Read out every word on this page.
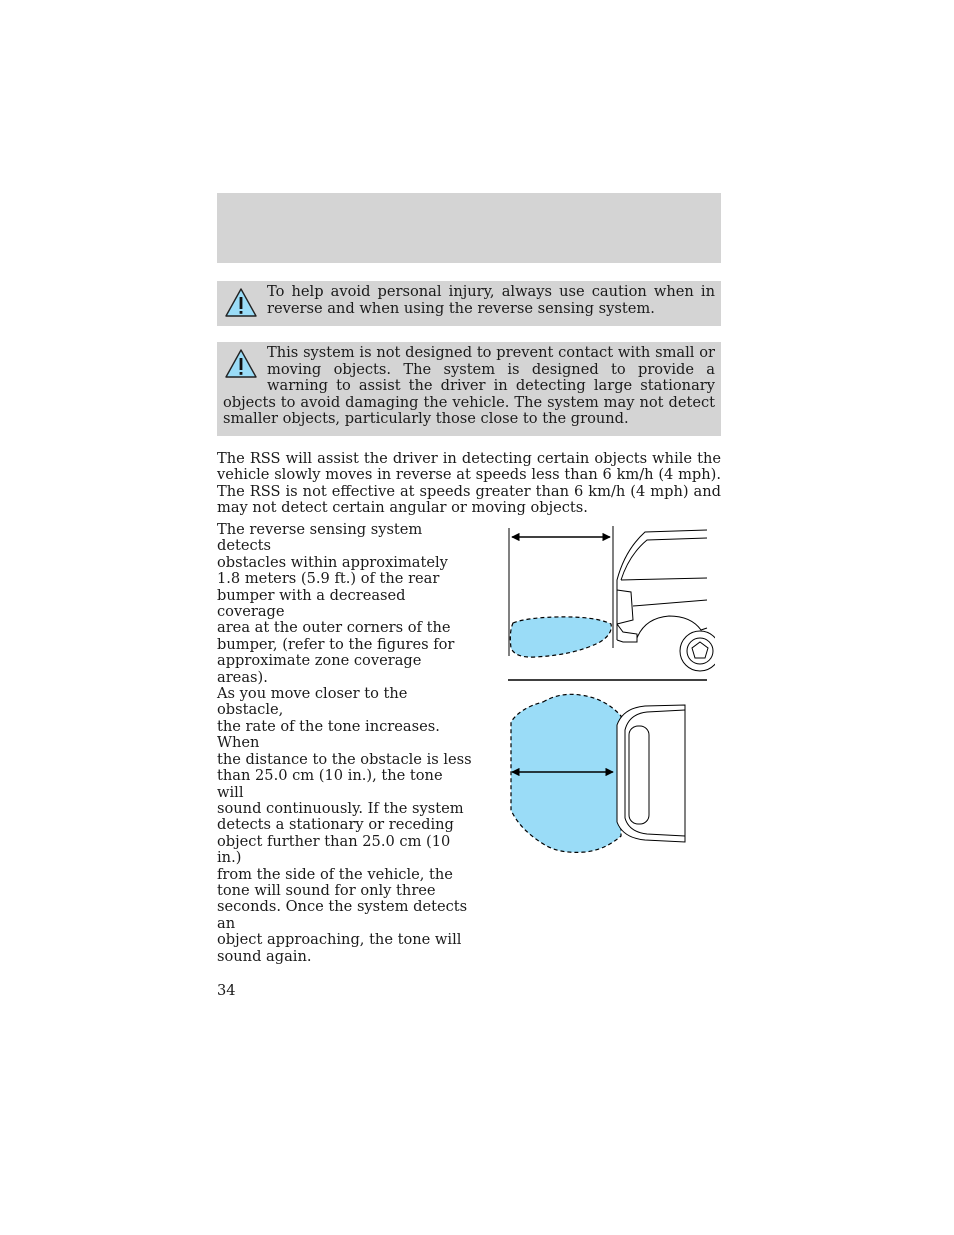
To help avoid personal injury, always use caution when in reverse and when using the reverse sensing system.

This system is not designed to prevent contact with small or moving objects. The system is designed to provide a warning to assist the driver in detecting large stationary objects to avoid damaging the vehicle. The system may not detect smaller objects, particularly those close to the ground.

The RSS will assist the driver in detecting certain objects while the vehicle slowly moves in reverse at speeds less than 6 km/h (4 mph). The RSS is not effective at speeds greater than 6 km/h (4 mph) and may not detect certain angular or moving objects.

The reverse sensing system detects
obstacles within approximately
1.8 meters (5.9 ft.) of the rear
bumper with a decreased coverage
area at the outer corners of the
bumper, (refer to the figures for
approximate zone coverage areas).
As you move closer to the obstacle,
the rate of the tone increases. When
the distance to the obstacle is less
than 25.0 cm (10 in.), the tone will
sound continuously. If the system
detects a stationary or receding
object further than 25.0 cm (10 in.)
from the side of the vehicle, the
tone will sound for only three
seconds. Once the system detects an
object approaching, the tone will
sound again.

34
